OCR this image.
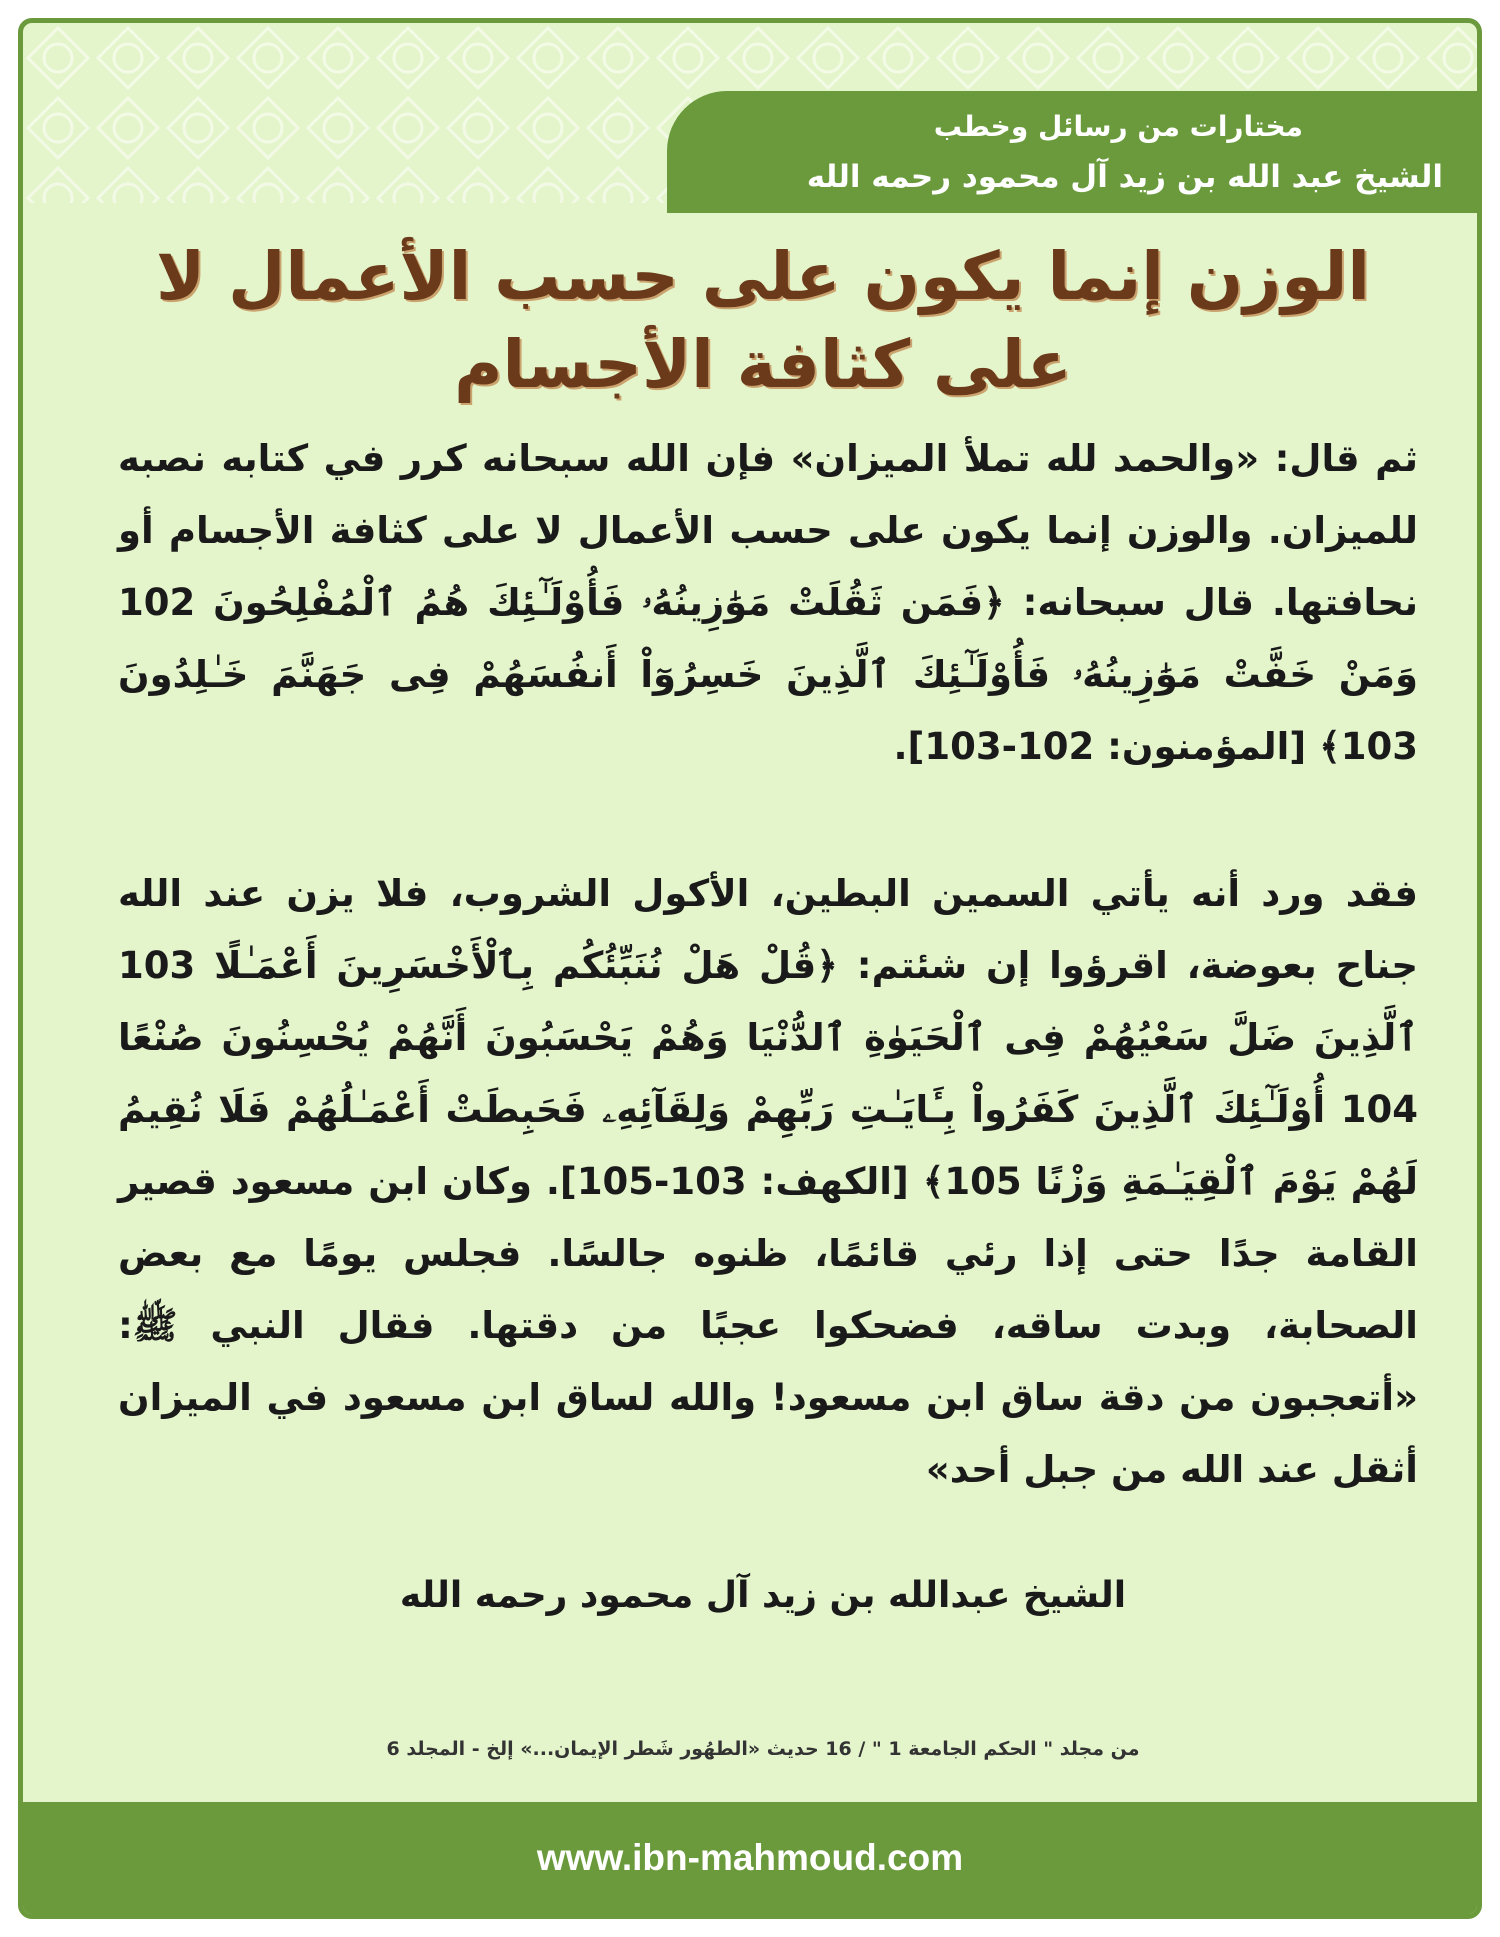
مختارات من رسائل وخطب
الشيخ عبد الله بن زيد آل محمود رحمه الله
الوزن إنما يكون على حسب الأعمال لا على كثافة الأجسام
ثم قال: «والحمد لله تملأ الميزان» فإن الله سبحانه كرر في كتابه نصبه للميزان. والوزن إنما يكون على حسب الأعمال لا على كثافة الأجسام أو نحافتها. قال سبحانه: ﴿فَمَن ثَقُلَتْ مَوَٰزِينُهُۥ فَأُوْلَـٰٓئِكَ هُمُ ٱلْمُفْلِحُونَ 102 وَمَنْ خَفَّتْ مَوَٰزِينُهُۥ فَأُوْلَـٰٓئِكَ ٱلَّذِينَ خَسِرُوٓاْ أَنفُسَهُمْ فِى جَهَنَّمَ خَـٰلِدُونَ 103﴾ [المؤمنون: 102-103].
فقد ورد أنه يأتي السمين البطين، الأكول الشروب، فلا يزن عند الله جناح بعوضة، اقرؤوا إن شئتم: ﴿قُلْ هَلْ نُنَبِّئُكُم بِٱلْأَخْسَرِينَ أَعْمَـٰلًا 103 ٱلَّذِينَ ضَلَّ سَعْيُهُمْ فِى ٱلْحَيَوٰةِ ٱلدُّنْيَا وَهُمْ يَحْسَبُونَ أَنَّهُمْ يُحْسِنُونَ صُنْعًا 104 أُوْلَـٰٓئِكَ ٱلَّذِينَ كَفَرُواْ بِـَٔايَـٰتِ رَبِّهِمْ وَلِقَآئِهِۦ فَحَبِطَتْ أَعْمَـٰلُهُمْ فَلَا نُقِيمُ لَهُمْ يَوْمَ ٱلْقِيَـٰمَةِ وَزْنًا 105﴾ [الكهف: 103-105]. وكان ابن مسعود قصير القامة جدًا حتى إذا رئي قائمًا، ظنوه جالسًا. فجلس يومًا مع بعض الصحابة، وبدت ساقه، فضحكوا عجبًا من دقتها. فقال النبي ﷺ: «أتعجبون من دقة ساق ابن مسعود! والله لساق ابن مسعود في الميزان أثقل عند الله من جبل أحد»
الشيخ عبدالله بن زيد آل محمود رحمه الله
من مجلد " الحكم الجامعة 1 " / 16 حديث «الطهُور شَطر الإيمان...» إلخ - المجلد 6
www.ibn-mahmoud.com
